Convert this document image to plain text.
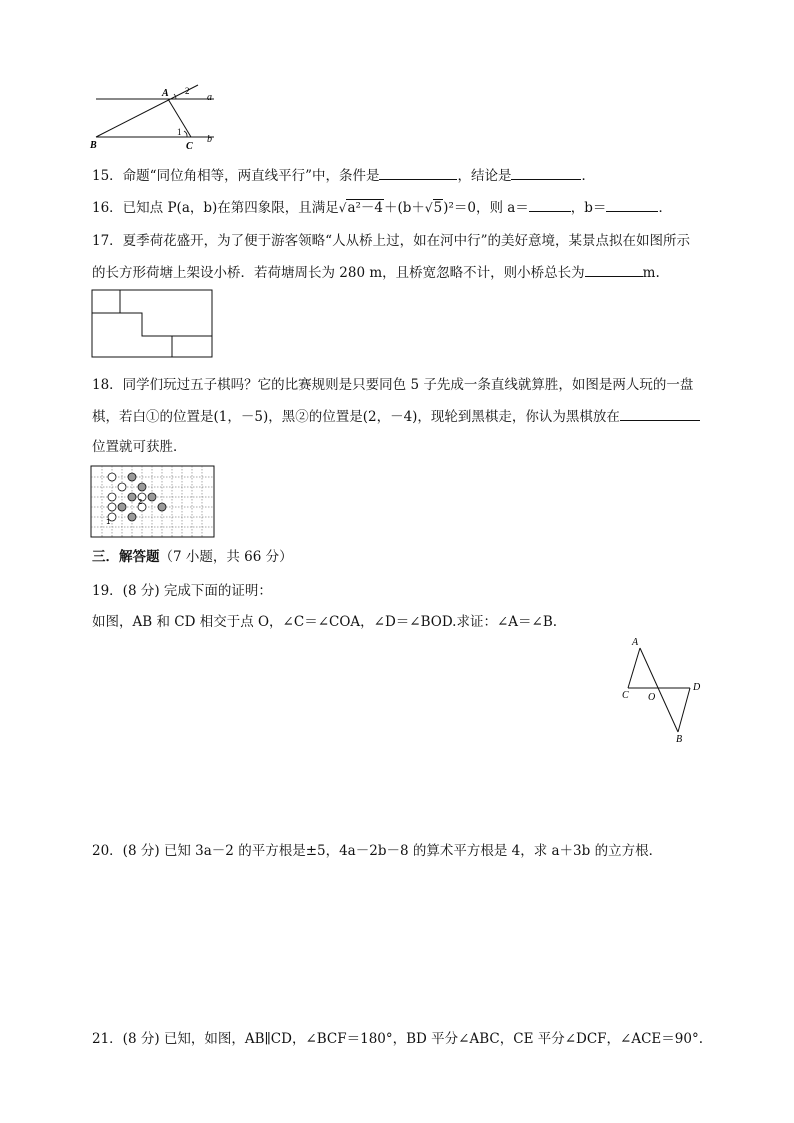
A 2
a
1
b
B	C
15．命题“同位角相等，两直线平行”中，条件是	，结论是	．
16．已知点 P(a，b)在第四象限，且满足√a²－4＋(b＋√5)²＝0，则 a＝	，b＝	．
17．夏季荷花盛开，为了便于游客领略“人从桥上过，如在河中行”的美好意境，某景点拟在如图所示
的长方形荷塘上架设小桥．若荷塘周长为 280 m，且桥宽忽略不计，则小桥总长为	m.
18．同学们玩过五子棋吗？它的比赛规则是只要同色 5 子先成一条直线就算胜，如图是两人玩的一盘
棋，若白①的位置是(1，－5)，黑②的位置是(2，－4)，现轮到黑棋走，你认为黑棋放在
位置就可获胜．
1
2
三．解答题（7 小题，共 66 分）
19．(8 分) 完成下面的证明：
如图，AB 和 CD 相交于点 O，∠C＝∠COA，∠D＝∠BOD.求证：∠A＝∠B.
A
C O
D
B
20．(8 分) 已知 3a－2 的平方根是±5，4a－2b－8 的算术平方根是 4，求 a＋3b 的立方根．
21．(8 分) 已知，如图，AB∥CD，∠BCF＝180°，BD 平分∠ABC，CE 平分∠DCF，∠ACE＝90°.
